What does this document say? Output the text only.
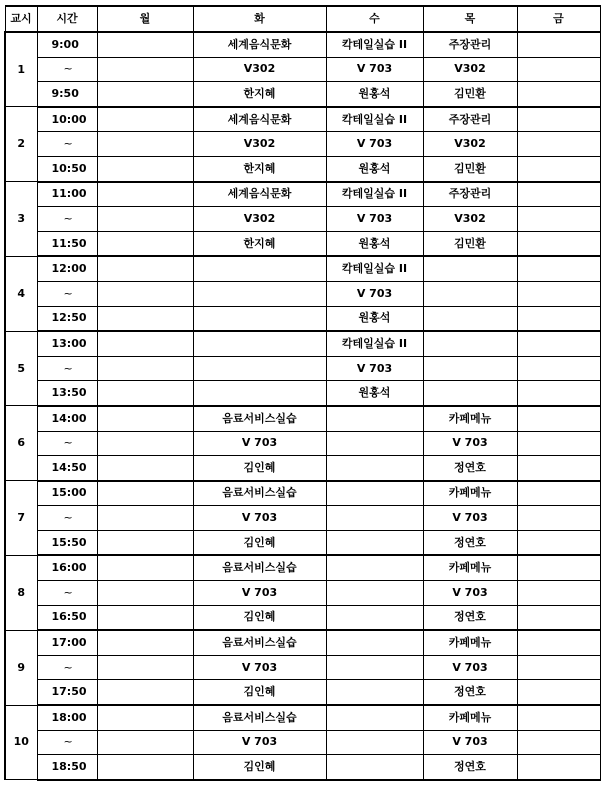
교시	시간	월	화	수	목	금
1	9:00		세계음식문화	칵테일실습 II	주장관리	
	~		V302	V 703	V302	
	9:50		한지혜	원홍석	김민환	
2	10:00		세계음식문화	칵테일실습 II	주장관리	
	~		V302	V 703	V302	
	10:50		한지혜	원홍석	김민환	
3	11:00		세계음식문화	칵테일실습 II	주장관리	
	~		V302	V 703	V302	
	11:50		한지혜	원홍석	김민환	
4	12:00			칵테일실습 II		
	~			V 703		
	12:50			원홍석		
5	13:00			칵테일실습 II		
	~			V 703		
	13:50			원홍석		
6	14:00		음료서비스실습		카페메뉴	
	~		V 703		V 703	
	14:50		김인혜		정연호	
7	15:00		음료서비스실습		카페메뉴	
	~		V 703		V 703	
	15:50		김인혜		정연호	
8	16:00		음료서비스실습		카페메뉴	
	~		V 703		V 703	
	16:50		김인혜		정연호	
9	17:00		음료서비스실습		카페메뉴	
	~		V 703		V 703	
	17:50		김인혜		정연호	
10	18:00		음료서비스실습		카페메뉴	
	~		V 703		V 703	
	18:50		김인혜		정연호	
